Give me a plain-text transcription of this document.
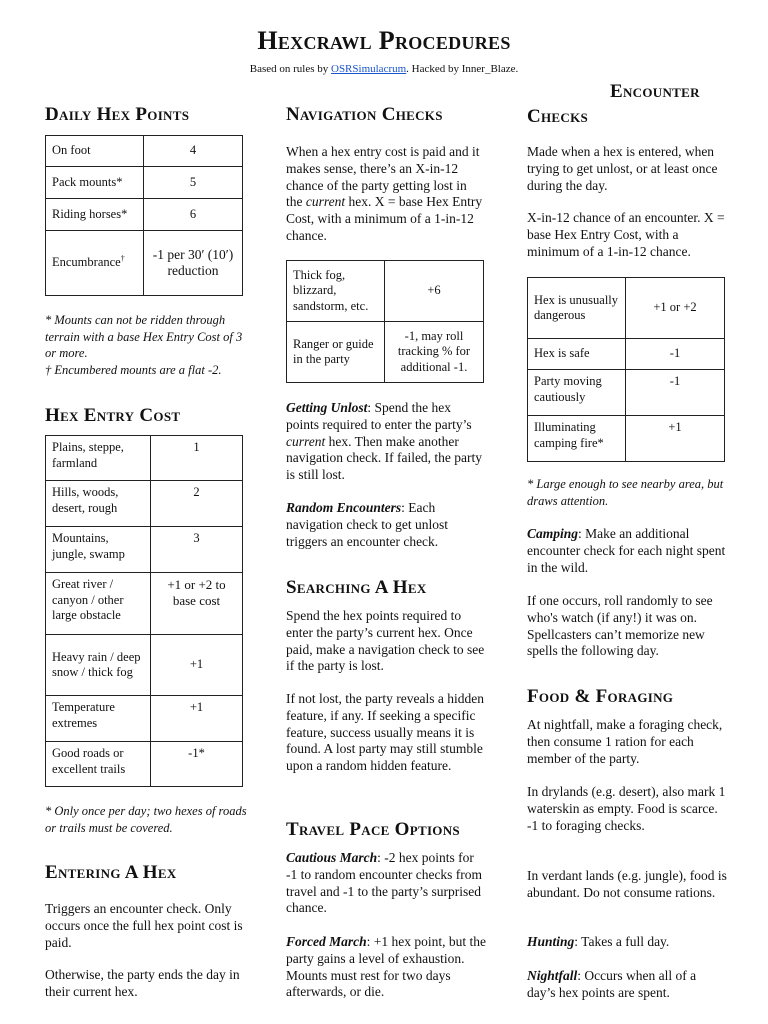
Hexcrawl Procedures
Based on rules by OSRSimulacrum. Hacked by Inner_Blaze.
Daily Hex Points
On foot	4
Pack mounts*	5
Riding horses*	6
Encumbrance†	-1 per 30′ (10′) reduction
* Mounts can not be ridden through terrain with a base Hex Entry Cost of 3 or more.
† Encumbered mounts are a flat -2.
Hex Entry Cost
Plains, steppe, farmland	1
Hills, woods, desert, rough	2
Mountains, jungle, swamp	3
Great river / canyon / other large obstacle	+1 or +2 to base cost
Heavy rain / deep snow / thick fog	+1
Temperature extremes	+1
Good roads or excellent trails	-1*
* Only once per day; two hexes of roads or trails must be covered.
Entering A Hex
Triggers an encounter check. Only occurs once the full hex point cost is paid.
Otherwise, the party ends the day in their current hex.
Navigation Checks
When a hex entry cost is paid and it makes sense, there’s an X-in-12 chance of the party getting lost in the current hex. X = base Hex Entry Cost, with a minimum of a 1-in-12 chance.
Thick fog, blizzard, sandstorm, etc.	+6
Ranger or guide in the party	-1, may roll tracking % for additional -1.
Getting Unlost: Spend the hex points required to enter the party’s current hex. Then make another navigation check. If failed, the party is still lost.
Random Encounters: Each navigation check to get unlost triggers an encounter check.
Searching A Hex
Spend the hex points required to enter the party’s current hex. Once paid, make a navigation check to see if the party is lost.
If not lost, the party reveals a hidden feature, if any. If seeking a specific feature, success usually means it is found. A lost party may still stumble upon a random hidden feature.
Travel Pace Options
Cautious March: -2 hex points for -1 to random encounter checks from travel and -1 to the party’s surprised chance.
Forced March: +1 hex point, but the party gains a level of exhaustion. Mounts must rest for two days afterwards, or die.
Encounter
Checks
Made when a hex is entered, when trying to get unlost, or at least once during the day.
X-in-12 chance of an encounter. X = base Hex Entry Cost, with a minimum of a 1-in-12 chance.
Hex is unusually dangerous	+1 or +2
Hex is safe	-1
Party moving cautiously	-1
Illuminating camping fire*	+1
* Large enough to see nearby area, but draws attention.
Camping: Make an additional encounter check for each night spent in the wild.
If one occurs, roll randomly to see who's watch (if any!) it was on. Spellcasters can’t memorize new spells the following day.
Food & Foraging
At nightfall, make a foraging check, then consume 1 ration for each member of the party.
In drylands (e.g. desert), also mark 1 waterskin as empty. Food is scarce. -1 to foraging checks.
In verdant lands (e.g. jungle), food is abundant. Do not consume rations.
Hunting: Takes a full day.
Nightfall: Occurs when all of a day’s hex points are spent.
